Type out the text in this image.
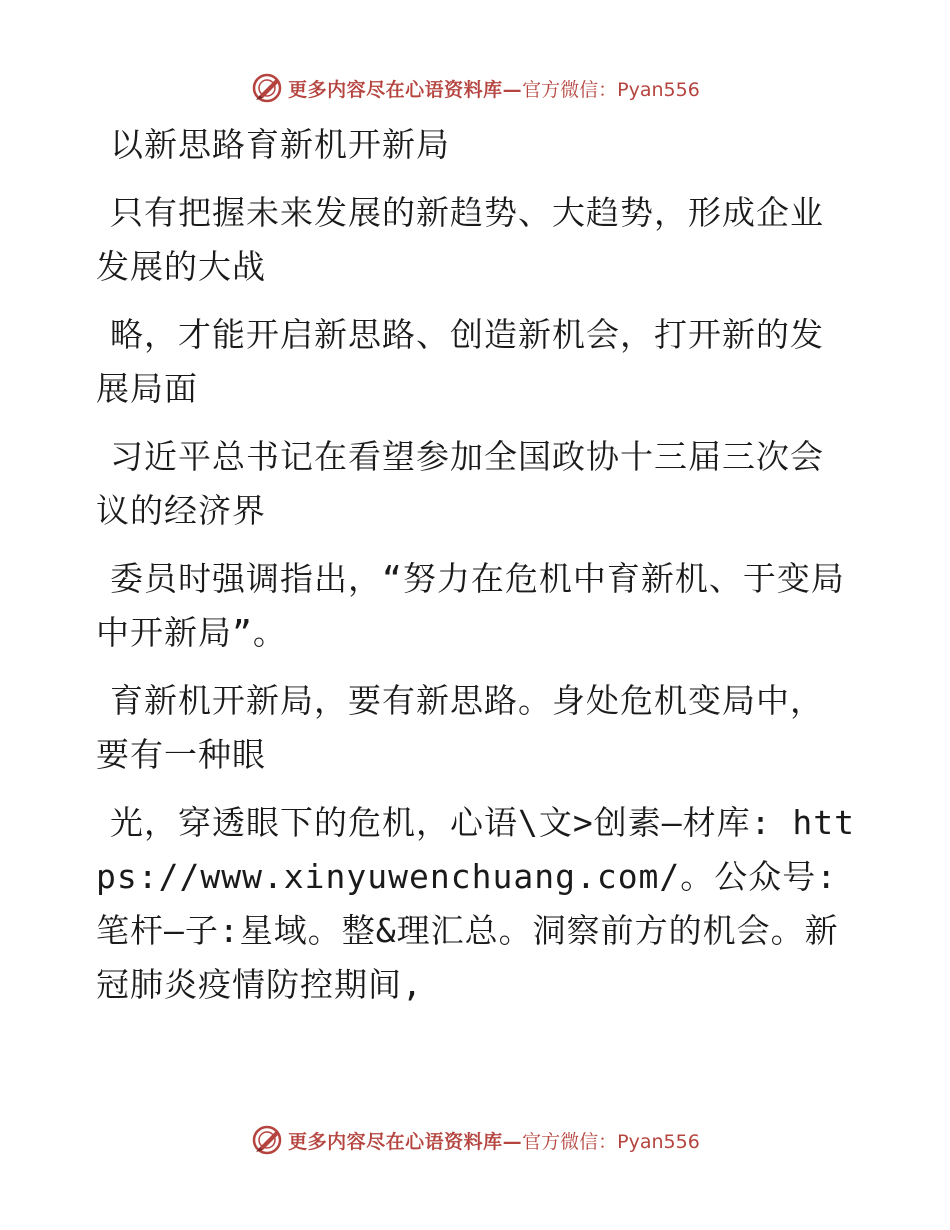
更多内容尽在心语资料库— 官方微信：Pyan556

以新思路育新机开新局

只有把握未来发展的新趋势、大趋势，形成企业发展的大战

略，才能开启新思路、创造新机会，打开新的发展局面

习近平总书记在看望参加全国政协十三届三次会议的经济界

委员时强调指出，“努力在危机中育新机、于变局中开新局”。

育新机开新局，要有新思路。身处危机变局中，要有一种眼

光，穿透眼下的危机，心语\文>创素—材库: https://www.xinyuwenchuang.com/。公众号: 笔杆—子:星域。整&理汇总。洞察前方的机会。新冠肺炎疫情防控期间,

更多内容尽在心语资料库— 官方微信：Pyan556
